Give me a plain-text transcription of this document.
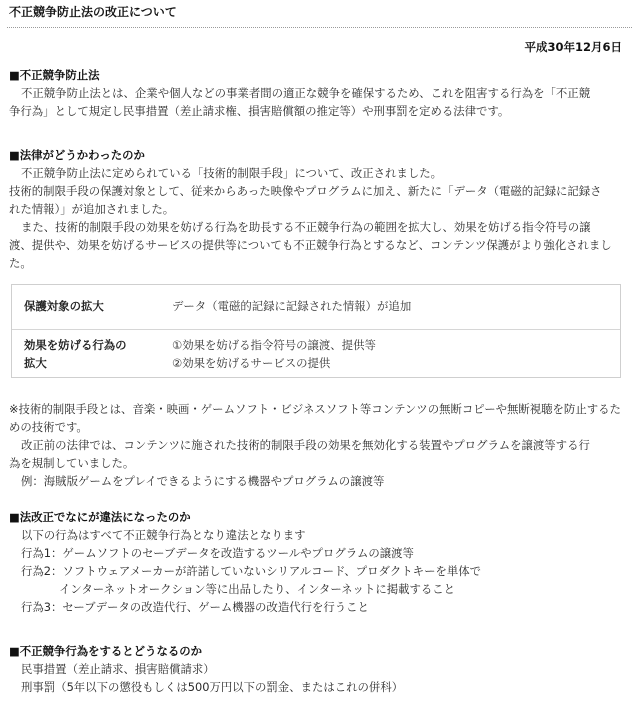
不正競争防止法の改正について
平成30年12月6日

■不正競争防止法

不正競争防止法とは、企業や個人などの事業者間の適正な競争を確保するため、これを阻害する行為を「不正競

争行為」として規定し民事措置（差止請求権、損害賠償額の推定等）や刑事罰を定める法律です。

■法律がどうかわったのか

不正競争防止法に定められている「技術的制限手段」について、改正されました。

技術的制限手段の保護対象として、従来からあった映像やプログラムに加え、新たに「データ（電磁的記録に記録さ

れた情報）」が追加されました。

また、技術的制限手段の効果を妨げる行為を助長する不正競争行為の範囲を拡大し、効果を妨げる指令符号の譲

渡、提供や、効果を妨げるサービスの提供等についても不正競争行為とするなど、コンテンツ保護がより強化されまし

た。

保護対象の拡大	データ（電磁的記録に記録された情報）が追加
効果を妨げる行為の
拡大
①効果を妨げる指令符号の譲渡、提供等
②効果を妨げるサービスの提供

※技術的制限手段とは、音楽・映画・ゲームソフト・ビジネスソフト等コンテンツの無断コピーや無断視聴を防止するた

めの技術です。

改正前の法律では、コンテンツに施された技術的制限手段の効果を無効化する装置やプログラムを譲渡等する行

為を規制していました。

例：海賊版ゲームをプレイできるようにする機器やプログラムの譲渡等

■法改正でなにが違法になったのか

以下の行為はすべて不正競争行為となり違法となります

行為1：ゲームソフトのセーブデータを改造するツールやプログラムの譲渡等

行為2：ソフトウェアメーカーが許諾していないシリアルコード、プロダクトキーを単体で

インターネットオークション等に出品したり、インターネットに掲載すること

行為3：セーブデータの改造代行、ゲーム機器の改造代行を行うこと

■不正競争行為をするとどうなるのか

民事措置（差止請求、損害賠償請求）

刑事罰（5年以下の懲役もしくは500万円以下の罰金、またはこれの併科）
